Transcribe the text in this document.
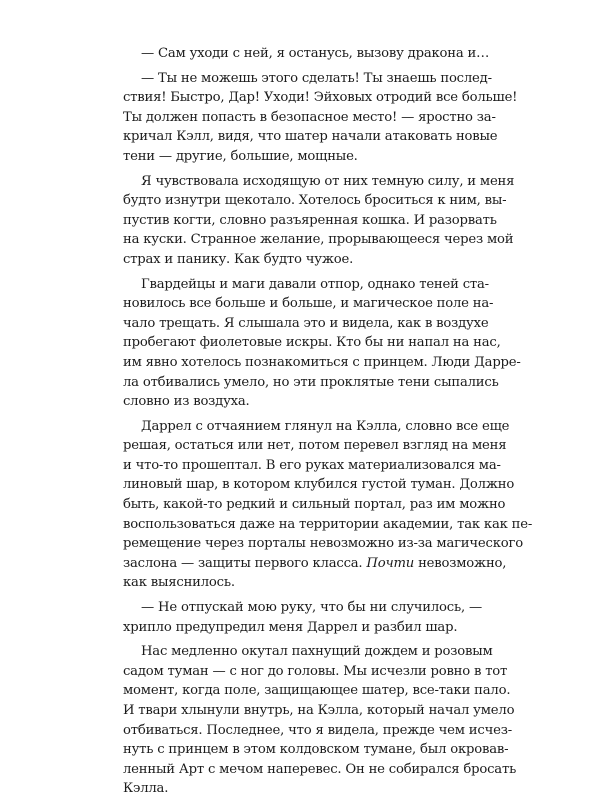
— Сам уходи с ней, я останусь, вызову дракона и…
— Ты не можешь этого сделать! Ты знаешь послед-
ствия! Быстро, Дар! Уходи! Эйховых отродий все больше!
Ты должен попасть в безопасное место! — яростно за-
кричал Кэлл, видя, что шатер начали атаковать новые
тени — другие, большие, мощные.
Я чувствовала исходящую от них темную силу, и меня
будто изнутри щекотало. Хотелось броситься к ним, вы-
пустив когти, словно разъяренная кошка. И разорвать
на куски. Странное желание, прорывающееся через мой
страх и панику. Как будто чужое.
Гвардейцы и маги давали отпор, однако теней ста-
новилось все больше и больше, и магическое поле на-
чало трещать. Я слышала это и видела, как в воздухе
пробегают фиолетовые искры. Кто бы ни напал на нас,
им явно хотелось познакомиться с принцем. Люди Дарре-
ла отбивались умело, но эти проклятые тени сыпались
словно из воздуха.
Даррел с отчаянием глянул на Кэлла, словно все еще
решая, остаться или нет, потом перевел взгляд на меня
и что-то прошептал. В его руках материализовался ма-
линовый шар, в котором клубился густой туман. Должно
быть, какой-то редкий и сильный портал, раз им можно
воспользоваться даже на территории академии, так как пе-
ремещение через порталы невозможно из-за магического
заслона — защиты первого класса. Почти невозможно,
как выяснилось.
— Не отпускай мою руку, что бы ни случилось, —
хрипло предупредил меня Даррел и разбил шар.
Нас медленно окутал пахнущий дождем и розовым
садом туман — с ног до головы. Мы исчезли ровно в тот
момент, когда поле, защищающее шатер, все-таки пало.
И твари хлынули внутрь, на Кэлла, который начал умело
отбиваться. Последнее, что я видела, прежде чем исчез-
нуть с принцем в этом колдовском тумане, был окровав-
ленный Арт с мечом наперевес. Он не собирался бросать
Кэлла.
